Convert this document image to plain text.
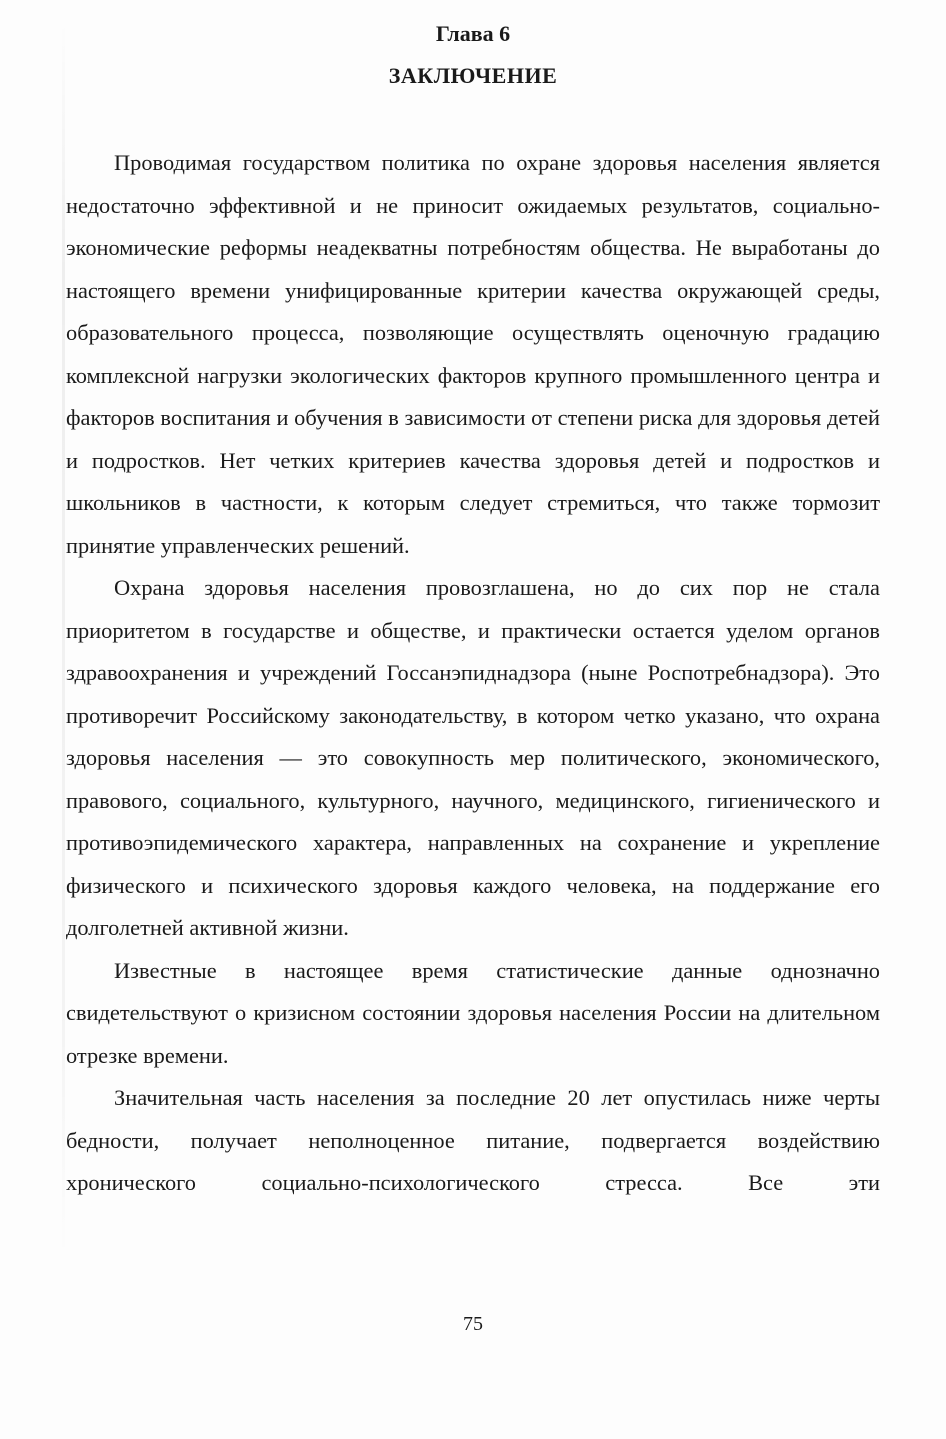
Глава 6
ЗАКЛЮЧЕНИЕ

Проводимая государством политика по охране здоровья населения является недостаточно эффективной и не приносит ожидаемых результатов, социально-экономические реформы неадекватны потребностям общества. Не выработаны до настоящего времени унифицированные критерии качества окружающей среды, образовательного процесса, позволяющие осуществлять оценочную градацию комплексной нагрузки экологических факторов крупного промышленного центра и факторов воспитания и обучения в зависимости от степени риска для здоровья детей и подростков. Нет четких критериев качества здоровья детей и подростков и школьников в частности, к которым следует стремиться, что также тормозит принятие управленческих решений.

Охрана здоровья населения провозглашена, но до сих пор не стала приоритетом в государстве и обществе, и практически остается уделом органов здравоохранения и учреждений Госсанэпиднадзора (ныне Роспотребнадзора). Это противоречит Российскому законодательству, в котором четко указано, что охрана здоровья населения — это совокупность мер политического, экономического, правового, социального, культурного, научного, медицинского, гигиенического и противоэпидемического характера, направленных на сохранение и укрепление физического и психического здоровья каждого человека, на поддержание его долголетней активной жизни.

Известные в настоящее время статистические данные однозначно свидетельствуют о кризисном состоянии здоровья населения России на длительном отрезке времени.

Значительная часть населения за последние 20 лет опустилась ниже черты бедности, получает неполноценное питание, подвергается воздействию хронического социально-психологического стресса. Все эти

75
